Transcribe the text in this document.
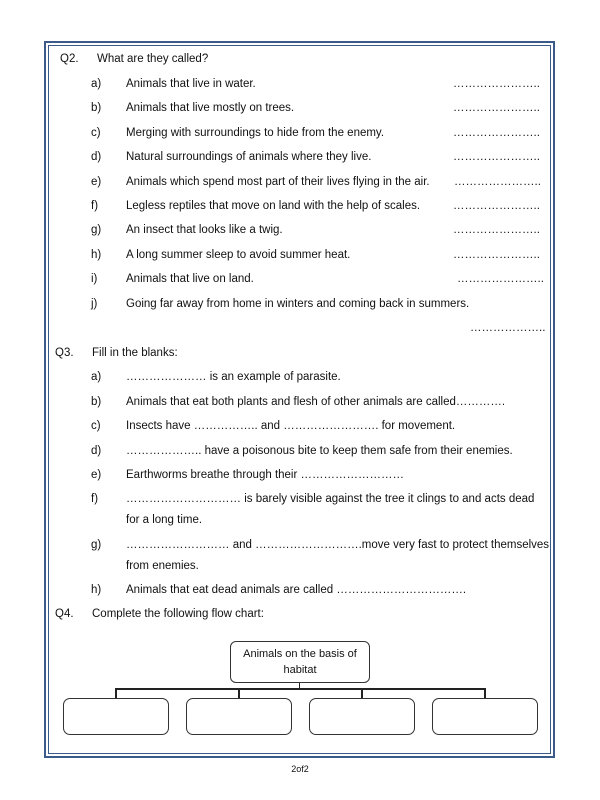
Q2. What are they called?
a) Animals that live in water.	…………………..
b) Animals that live mostly on trees.	…………………..
c) Merging with surroundings to hide from the enemy.	…………………..
d) Natural surroundings of animals where they live.	…………………..
e) Animals which spend most part of their lives flying in the air. …………………..
f) Legless reptiles that move on land with the help of scales.	…………………..
g) An insect that looks like a twig.	…………………..
h) A long summer sleep to avoid summer heat.	…………………..
i) Animals that live on land.	…………………..
j) Going far away from home in winters and coming back in summers.
………………..
Q3. Fill in the blanks:
a) ………………… is an example of parasite.
b) Animals that eat both plants and flesh of other animals are called………….
c) Insects have …………….. and ……………………. for movement.
d) ……………….. have a poisonous bite to keep them safe from their enemies.
e) Earthworms breathe through their ………………………
f) ………………………… is barely visible against the tree it clings to and acts dead
for a long time.
g) ……………………… and ……………………….move very fast to protect themselves
from enemies.
h) Animals that eat dead animals are called …………………………….
Q4. Complete the following flow chart:
Animals on the basis of
habitat
2of2
